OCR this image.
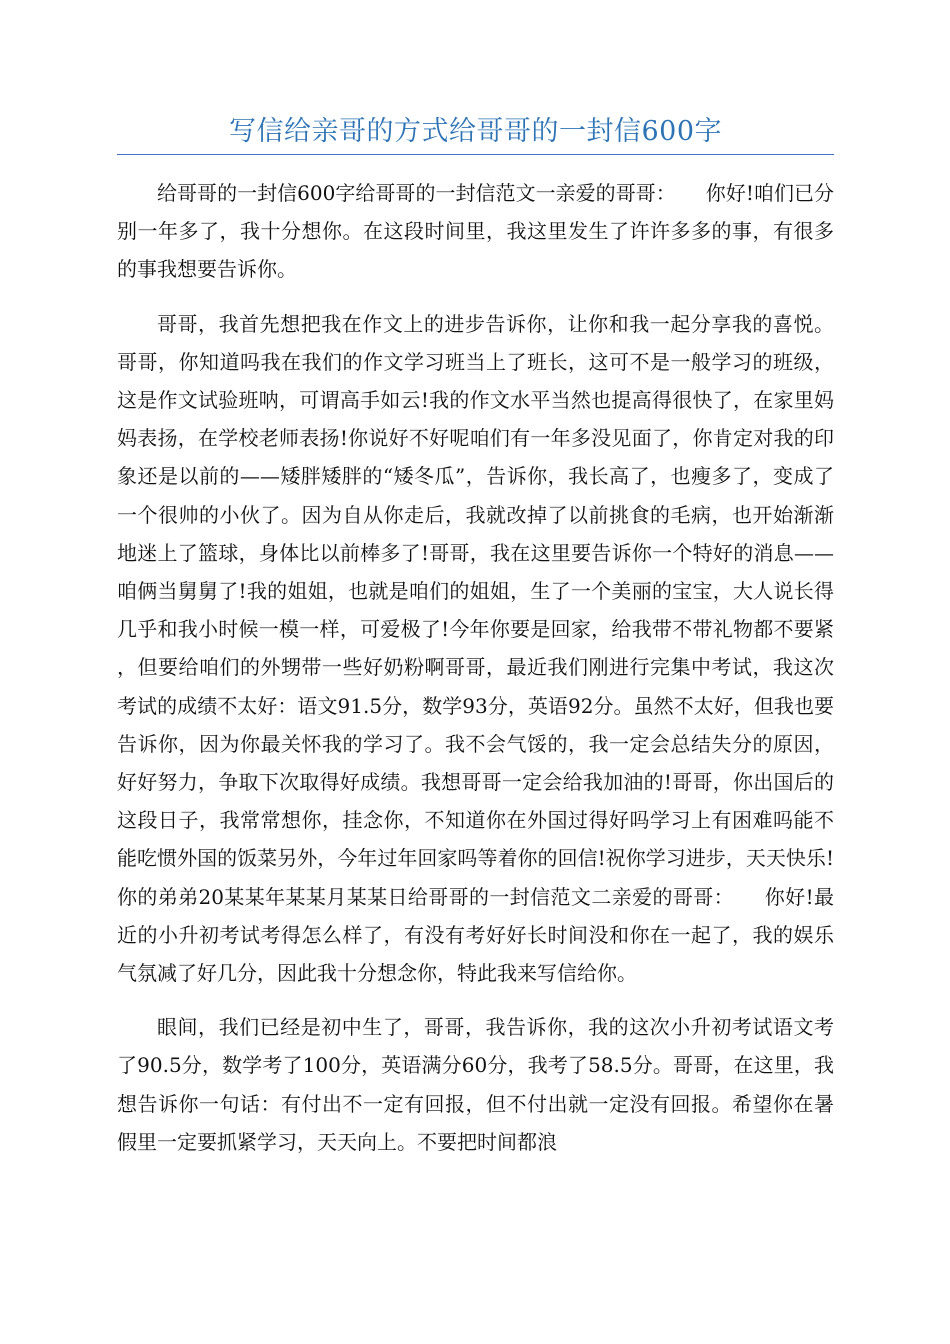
写信给亲哥的方式给哥哥的一封信600字

给哥哥的一封信600字给哥哥的一封信范文一亲爱的哥哥：　　你好!咱们已分别一年多了，我十分想你。在这段时间里，我这里发生了许许多多的事，有很多的事我想要告诉你。

哥哥，我首先想把我在作文上的进步告诉你，让你和我一起分享我的喜悦。哥哥，你知道吗我在我们的作文学习班当上了班长，这可不是一般学习的班级，这是作文试验班呐，可谓高手如云!我的作文水平当然也提高得很快了，在家里妈妈表扬，在学校老师表扬!你说好不好呢咱们有一年多没见面了，你肯定对我的印象还是以前的——矮胖矮胖的“矮冬瓜”，告诉你，我长高了，也瘦多了，变成了一个很帅的小伙了。因为自从你走后，我就改掉了以前挑食的毛病，也开始渐渐地迷上了篮球，身体比以前棒多了!哥哥，我在这里要告诉你一个特好的消息——咱俩当舅舅了!我的姐姐，也就是咱们的姐姐，生了一个美丽的宝宝，大人说长得几乎和我小时候一模一样，可爱极了!今年你要是回家，给我带不带礼物都不要紧，但要给咱们的外甥带一些好奶粉啊哥哥，最近我们刚进行完集中考试，我这次考试的成绩不太好：语文91.5分，数学93分，英语92分。虽然不太好，但我也要告诉你，因为你最关怀我的学习了。我不会气馁的，我一定会总结失分的原因，好好努力，争取下次取得好成绩。我想哥哥一定会给我加油的!哥哥，你出国后的这段日子，我常常想你，挂念你，不知道你在外国过得好吗学习上有困难吗能不能吃惯外国的饭菜另外，今年过年回家吗等着你的回信!祝你学习进步，天天快乐!你的弟弟20某某年某某月某某日给哥哥的一封信范文二亲爱的哥哥：　　你好!最近的小升初考试考得怎么样了，有没有考好好长时间没和你在一起了，我的娱乐气氛减了好几分，因此我十分想念你，特此我来写信给你。

眼间，我们已经是初中生了，哥哥，我告诉你，我的这次小升初考试语文考了90.5分，数学考了100分，英语满分60分，我考了58.5分。哥哥，在这里，我想告诉你一句话：有付出不一定有回报，但不付出就一定没有回报。希望你在暑假里一定要抓紧学习，天天向上。不要把时间都浪
